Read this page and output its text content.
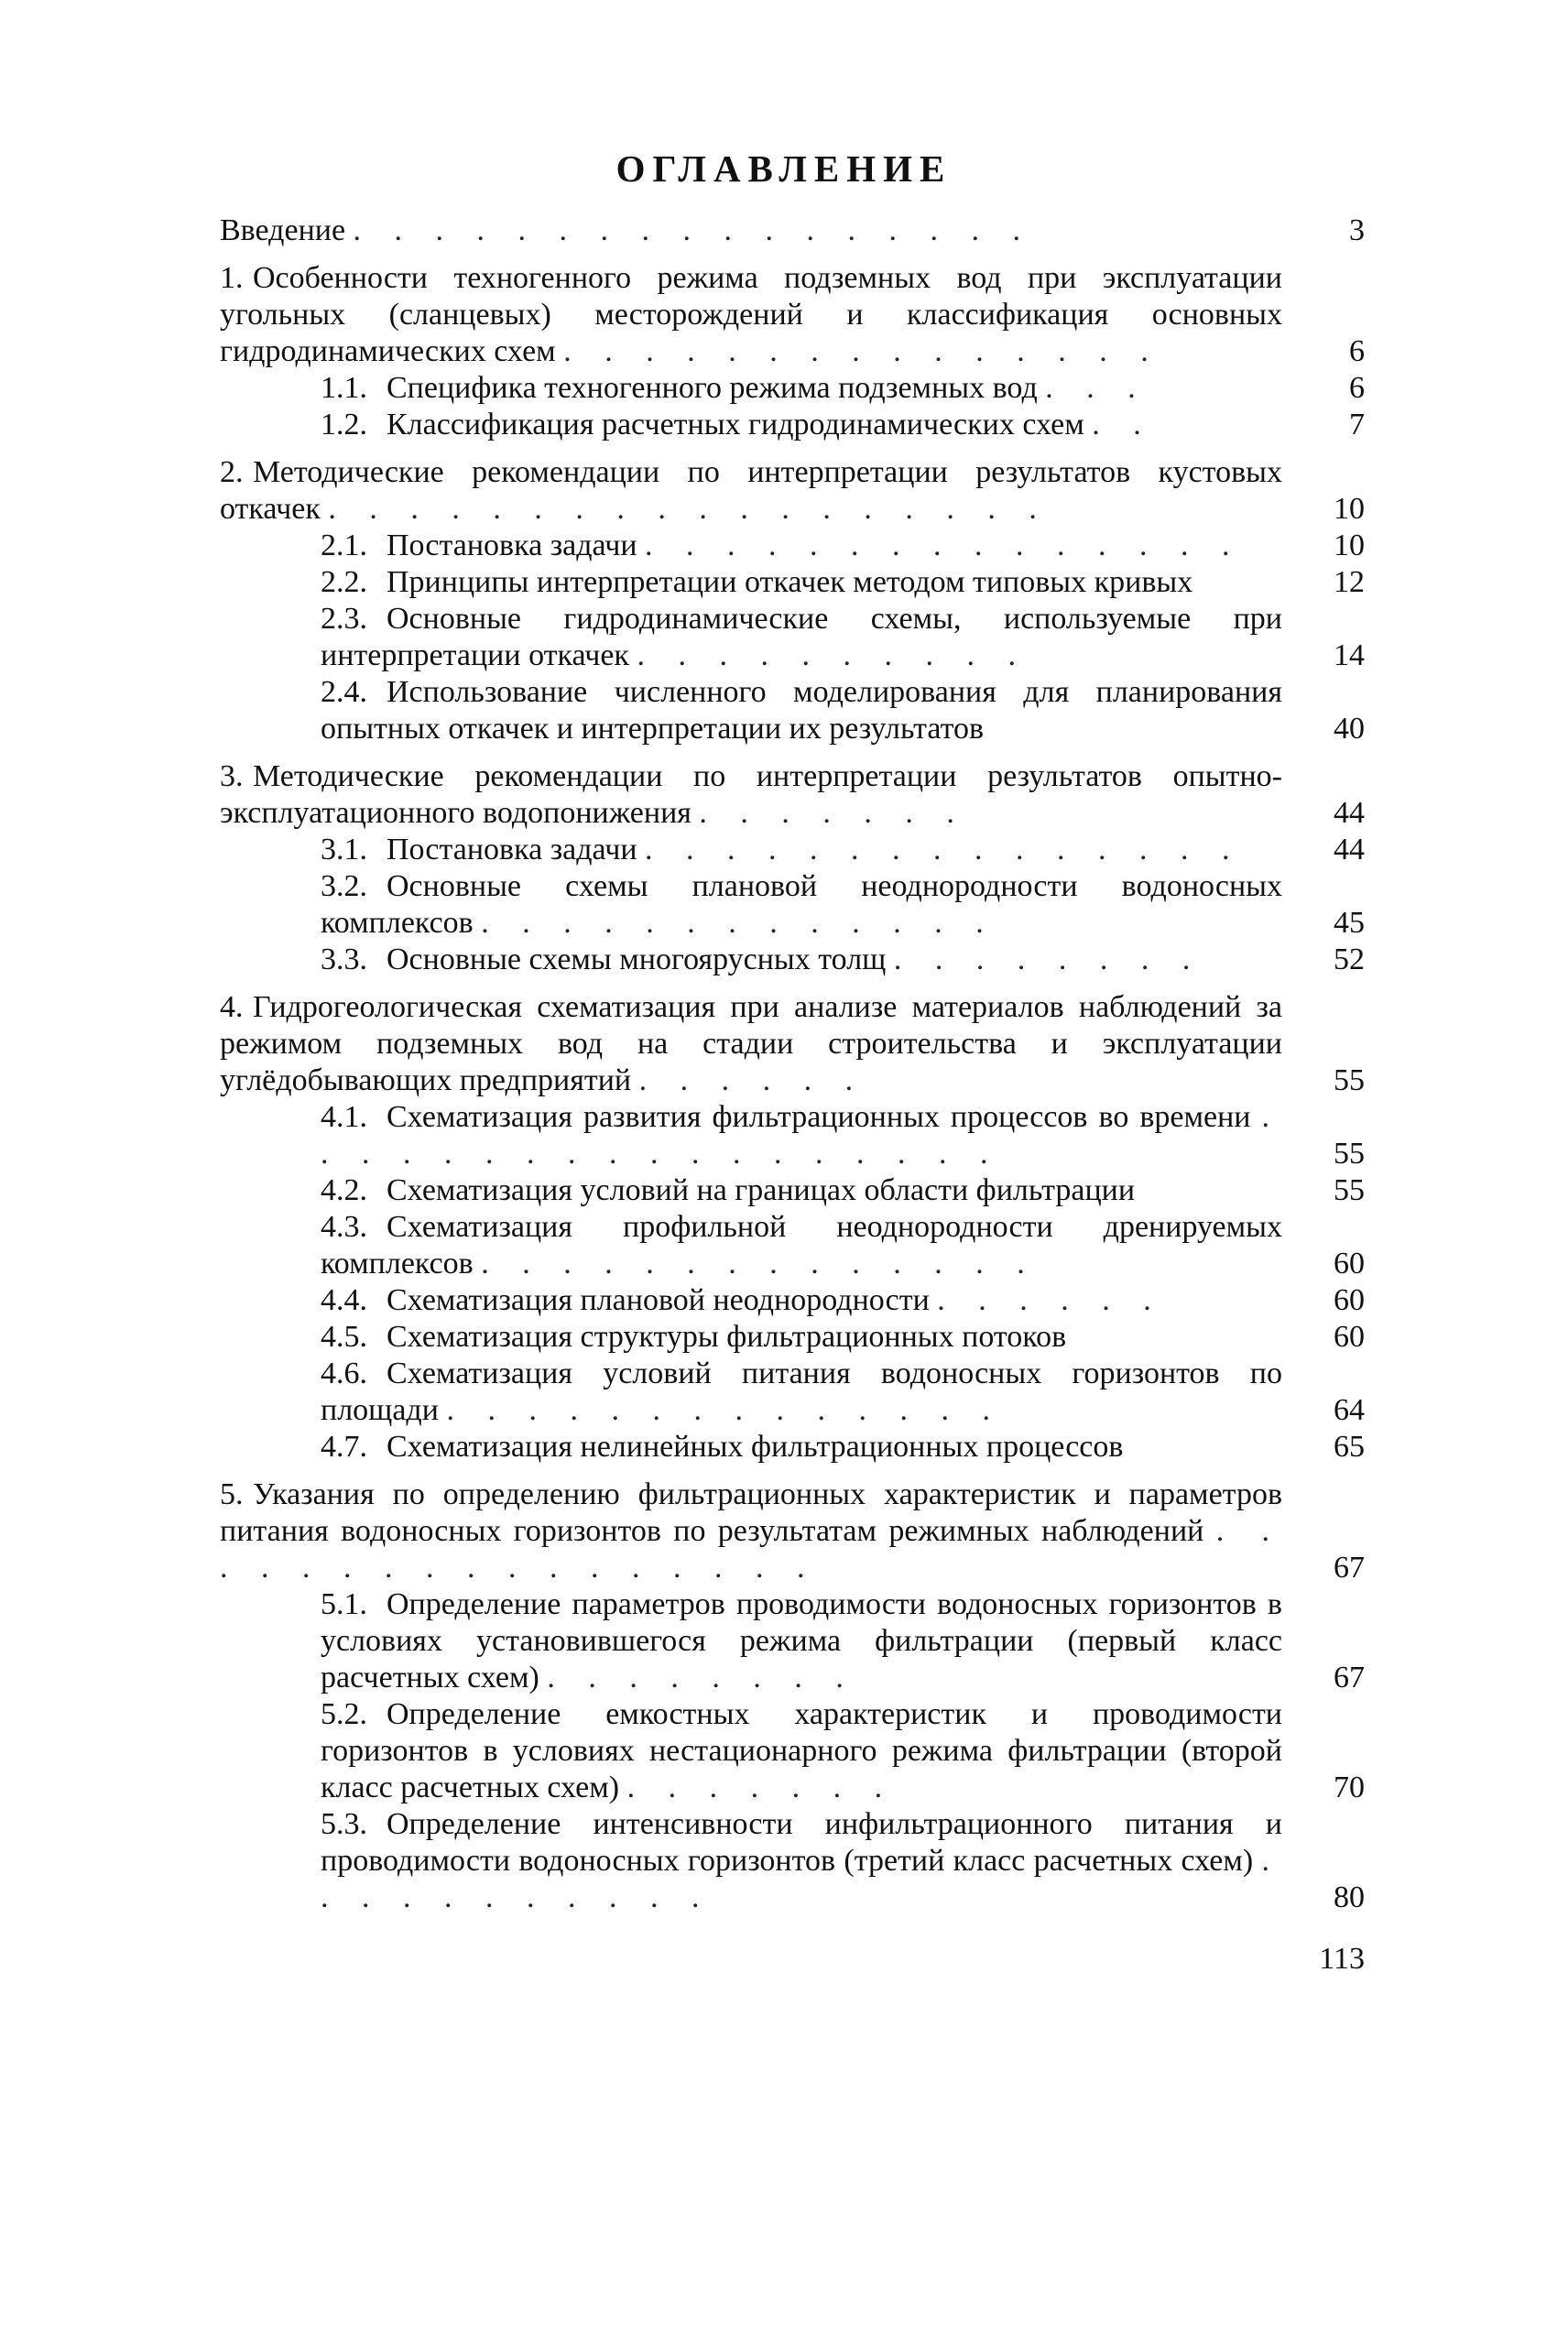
ОГЛАВЛЕНИЕ
Введение . . . . . . . . . . . . . . . . .	3
1. Особенности техногенного режима подземных вод при эксплуатации угольных (сланцевых) месторождений и классификация основных гидродинамических схем . . . . . . . . . . . . . . .	6
1.1. Специфика техногенного режима подземных вод . . .	6
1.2. Классификация расчетных гидродинамических схем . .	7
2. Методические рекомендации по интерпретации результатов кустовых откачек . . . . . . . . . . . . . . . . . .	10
2.1. Постановка задачи . . . . . . . . . . . . . . .	10
2.2. Принципы интерпретации откачек методом типовых кривых	12
2.3. Основные гидродинамические схемы, используемые при интерпретации откачек . . . . . . . . . .	14
2.4. Использование численного моделирования для планирования опытных откачек и интерпретации их результатов	40
3. Методические рекомендации по интерпретации результатов опытно-эксплуатационного водопонижения . . . . . . .	44
3.1. Постановка задачи . . . . . . . . . . . . . . .	44
3.2. Основные схемы плановой неоднородности водоносных комплексов . . . . . . . . . . . . .	45
3.3. Основные схемы многоярусных толщ . . . . . . . .	52
4. Гидрогеологическая схематизация при анализе материалов наблюдений за режимом подземных вод на стадии строительства и эксплуатации углёдобывающих предприятий . . . . . .	55
4.1. Схематизация развития фильтрационных процессов во времени . . . . . . . . . . . . . . . . . .	55
4.2. Схематизация условий на границах области фильтрации	55
4.3. Схематизация профильной неоднородности дренируемых комплексов . . . . . . . . . . . . . .	60
4.4. Схематизация плановой неоднородности . . . . . .	60
4.5. Схематизация структуры фильтрационных потоков	60
4.6. Схематизация условий питания водоносных горизонтов по площади . . . . . . . . . . . . . .	64
4.7. Схематизация нелинейных фильтрационных процессов	65
5. Указания по определению фильтрационных характеристик и параметров питания водоносных горизонтов по результатам режимных наблюдений . . . . . . . . . . . . . . . . .	67
5.1. Определение параметров проводимости водоносных горизонтов в условиях установившегося режима фильтрации (первый класс расчетных схем) . . . . . . . .	67
5.2. Определение емкостных характеристик и проводимости горизонтов в условиях нестационарного режима фильтрации (второй класс расчетных схем) . . . . . . .	70
5.3. Определение интенсивности инфильтрационного питания и проводимости водоносных горизонтов (третий класс расчетных схем) . . . . . . . . . . .	80
113
